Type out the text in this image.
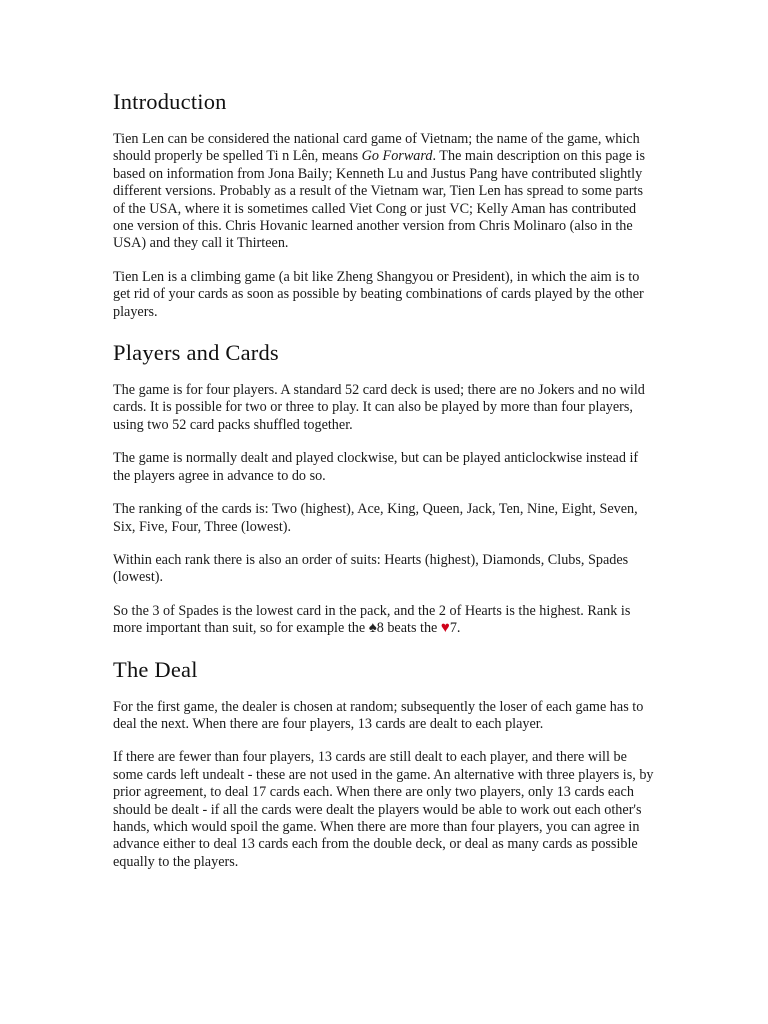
Introduction

Tien Len can be considered the national card game of Vietnam; the name of the game, which should properly be spelled Ti n Lên, means Go Forward. The main description on this page is based on information from Jona Baily; Kenneth Lu and Justus Pang have contributed slightly different versions. Probably as a result of the Vietnam war, Tien Len has spread to some parts of the USA, where it is sometimes called Viet Cong or just VC; Kelly Aman has contributed one version of this. Chris Hovanic learned another version from Chris Molinaro (also in the USA) and they call it Thirteen.

Tien Len is a climbing game (a bit like Zheng Shangyou or President), in which the aim is to get rid of your cards as soon as possible by beating combinations of cards played by the other players.

Players and Cards

The game is for four players. A standard 52 card deck is used; there are no Jokers and no wild cards. It is possible for two or three to play. It can also be played by more than four players, using two 52 card packs shuffled together.

The game is normally dealt and played clockwise, but can be played anticlockwise instead if the players agree in advance to do so.

The ranking of the cards is: Two (highest), Ace, King, Queen, Jack, Ten, Nine, Eight, Seven, Six, Five, Four, Three (lowest).

Within each rank there is also an order of suits: Hearts (highest), Diamonds, Clubs, Spades (lowest).

So the 3 of Spades is the lowest card in the pack, and the 2 of Hearts is the highest. Rank is more important than suit, so for example the ♠8 beats the ♥7.

The Deal

For the first game, the dealer is chosen at random; subsequently the loser of each game has to deal the next. When there are four players, 13 cards are dealt to each player.

If there are fewer than four players, 13 cards are still dealt to each player, and there will be some cards left undealt - these are not used in the game. An alternative with three players is, by prior agreement, to deal 17 cards each. When there are only two players, only 13 cards each should be dealt - if all the cards were dealt the players would be able to work out each other's hands, which would spoil the game. When there are more than four players, you can agree in advance either to deal 13 cards each from the double deck, or deal as many cards as possible equally to the players.
